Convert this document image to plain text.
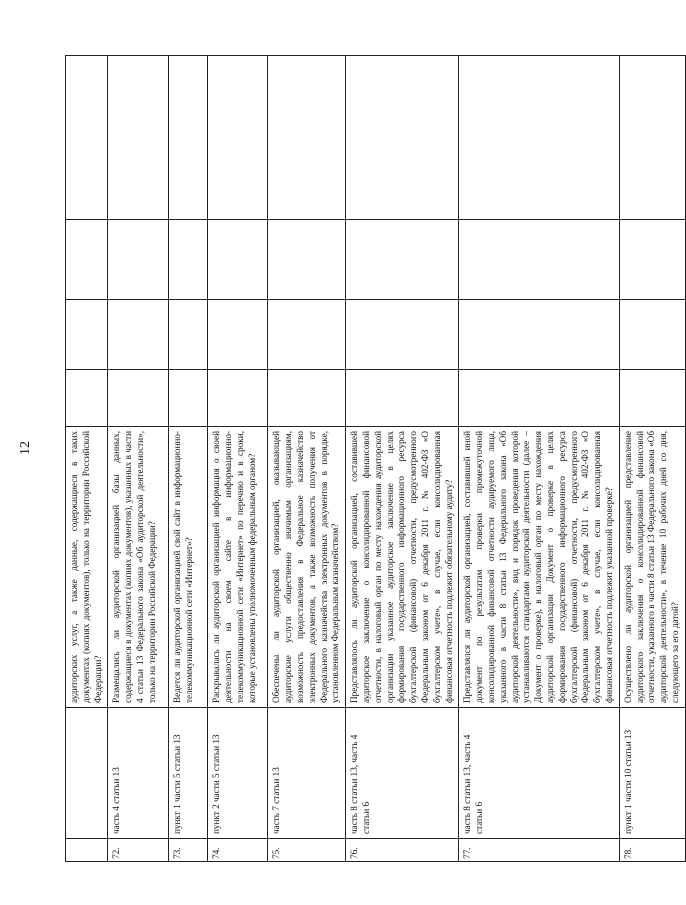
12
			аудиторских услуг, а также данные, содержащиеся в таких документах (копиях документов), только на территории Российской Федерации?				
72.	часть 4 статьи 13	Размещались ли аудиторской организацией базы данных, содержащиеся в документах (копиях документов), указанных в части 4 статьи 13 Федерального закона «Об аудиторской деятельности», только на территории Российской Федерации?				
73.	пункт 1 части 5 статьи 13	Ведется ли аудиторской организацией свой сайт в информационно-телекоммуникационной сети «Интернет»?				
74.	пункт 2 части 5 статьи 13	Раскрывалась ли аудиторской организацией информация о своей деятельности на своем сайте в информационно-телекоммуникационной сети «Интернет» по перечню и в сроки, которые установлены уполномоченным федеральным органом?				
75.	часть 7 статьи 13	Обеспечены ли аудиторской организацией, оказывающей аудиторские услуги общественно значимым организациям, возможность предоставления в Федеральное казначейство электронных документов, а также возможность получения от Федерального казначейства электронных документов в порядке, установленном Федеральным казначейством?				
76.	часть 8 статьи 13, часть 4 статьи 6	Представлялось ли аудиторской организацией, составившей аудиторское заключение о консолидированной финансовой отчетности, в налоговый орган по месту нахождения аудиторской организации указанное аудиторское заключение в целях формирования государственного информационного ресурса бухгалтерской (финансовой) отчетности, предусмотренного Федеральным законом от 6 декабря 2011 г. № 402-ФЗ «О бухгалтерском учете», в случае, если консолидированная финансовая отчетность подлежит обязательному аудиту?				
77.	часть 8 статьи 13, часть 4 статьи 6	Представлялся ли аудиторской организацией, составившей иной документ по результатам проверки промежуточной консолидированной финансовой отчетности аудируемого лица, указанного в части 8 статьи 13 Федерального закона «Об аудиторской деятельности», вид и порядок проведения которой устанавливаются стандартами аудиторской деятельности (далее – Документ о проверке), в налоговый орган по месту нахождения аудиторской организации Документ о проверке в целях формирования государственного информационного ресурса бухгалтерской (финансовой) отчетности, предусмотренного Федеральным законом от 6 декабря 2011 г. № 402-ФЗ «О бухгалтерском учете», в случае, если консолидированная финансовая отчетность подлежит указанной проверке?				
78.	пункт 1 части 10 статьи 13	Осуществлено ли аудиторской организацией представление аудиторского заключения о консолидированной финансовой отчетности, указанного в части 8 статьи 13 Федерального закона «Об аудиторской деятельности», в течение 10 рабочих дней со дня, следующего за его датой?				
